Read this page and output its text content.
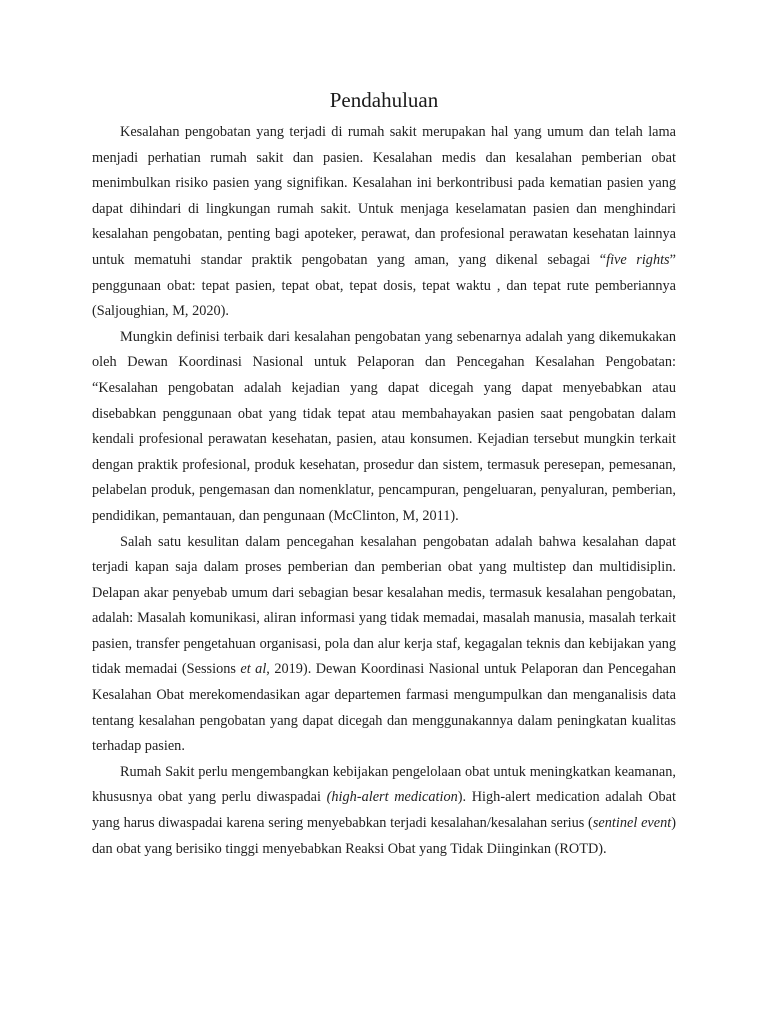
Pendahuluan

Kesalahan pengobatan yang terjadi di rumah sakit merupakan hal yang umum dan telah lama menjadi perhatian rumah sakit dan pasien. Kesalahan medis dan kesalahan pemberian obat menimbulkan risiko pasien yang signifikan. Kesalahan ini berkontribusi pada kematian pasien yang dapat dihindari di lingkungan rumah sakit. Untuk menjaga keselamatan pasien dan menghindari kesalahan pengobatan, penting bagi apoteker, perawat, dan profesional perawatan kesehatan lainnya untuk mematuhi standar praktik pengobatan yang aman, yang dikenal sebagai “five rights” penggunaan obat: tepat pasien, tepat obat, tepat dosis, tepat waktu , dan tepat rute pemberiannya (Saljoughian, M, 2020).

Mungkin definisi terbaik dari kesalahan pengobatan yang sebenarnya adalah yang dikemukakan oleh Dewan Koordinasi Nasional untuk Pelaporan dan Pencegahan Kesalahan Pengobatan: “Kesalahan pengobatan adalah kejadian yang dapat dicegah yang dapat menyebabkan atau disebabkan penggunaan obat yang tidak tepat atau membahayakan pasien saat pengobatan dalam kendali profesional perawatan kesehatan, pasien, atau konsumen. Kejadian tersebut mungkin terkait dengan praktik profesional, produk kesehatan, prosedur dan sistem, termasuk peresepan, pemesanan, pelabelan produk, pengemasan dan nomenklatur, pencampuran, pengeluaran, penyaluran, pemberian, pendidikan, pemantauan, dan pengunaan (McClinton, M, 2011).

Salah satu kesulitan dalam pencegahan kesalahan pengobatan adalah bahwa kesalahan dapat terjadi kapan saja dalam proses pemberian dan pemberian obat yang multistep dan multidisiplin. Delapan akar penyebab umum dari sebagian besar kesalahan medis, termasuk kesalahan pengobatan, adalah: Masalah komunikasi, aliran informasi yang tidak memadai, masalah manusia, masalah terkait pasien, transfer pengetahuan organisasi, pola dan alur kerja staf, kegagalan teknis dan kebijakan yang tidak memadai (Sessions et al, 2019). Dewan Koordinasi Nasional untuk Pelaporan dan Pencegahan Kesalahan Obat merekomendasikan agar departemen farmasi mengumpulkan dan menganalisis data tentang kesalahan pengobatan yang dapat dicegah dan menggunakannya dalam peningkatan kualitas terhadap pasien.

Rumah Sakit perlu mengembangkan kebijakan pengelolaan obat untuk meningkatkan keamanan, khususnya obat yang perlu diwaspadai (high-alert medication). High-alert medication adalah Obat yang harus diwaspadai karena sering menyebabkan terjadi kesalahan/kesalahan serius (sentinel event) dan obat yang berisiko tinggi menyebabkan Reaksi Obat yang Tidak Diinginkan (ROTD).
